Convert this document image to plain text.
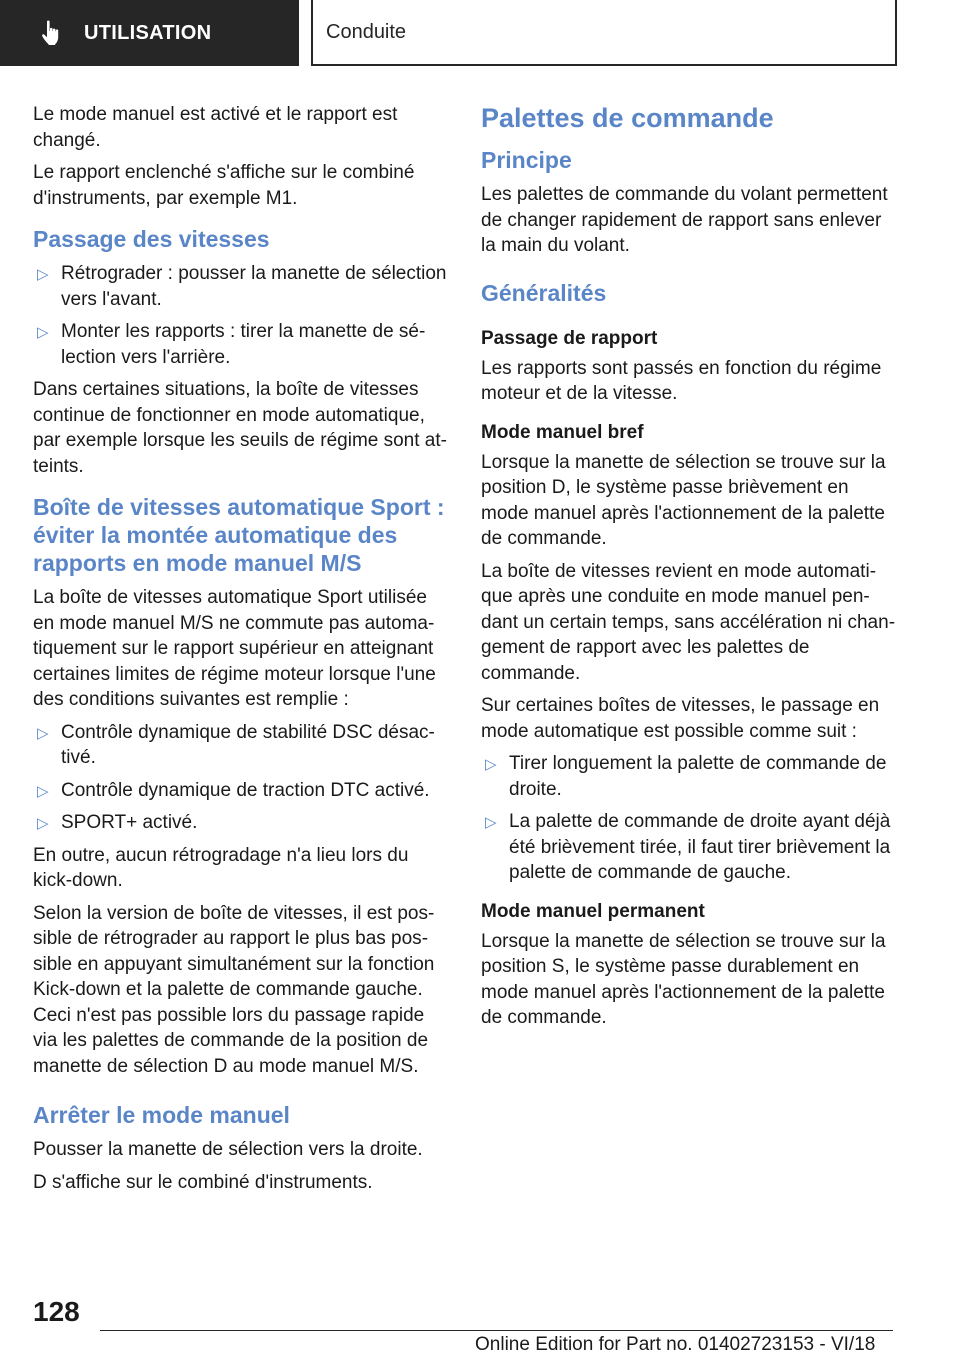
UTILISATION	Conduite

Le mode manuel est activé et le rapport est changé.

Le rapport enclenché s'affiche sur le combiné d'instruments, par exemple M1.

Passage des vitesses
▷ Rétrograder : pousser la manette de sélection vers l'avant.
▷ Monter les rapports : tirer la manette de sélection vers l'arrière.

Dans certaines situations, la boîte de vitesses continue de fonctionner en mode automatique, par exemple lorsque les seuils de régime sont atteints.

Boîte de vitesses automatique Sport : éviter la montée automatique des rapports en mode manuel M/S

La boîte de vitesses automatique Sport utilisée en mode manuel M/S ne commute pas automatiquement sur le rapport supérieur en atteignant certaines limites de régime moteur lorsque l'une des conditions suivantes est remplie :

▷ Contrôle dynamique de stabilité DSC désactivé.
▷ Contrôle dynamique de traction DTC activé.
▷ SPORT+ activé.

En outre, aucun rétrogradage n'a lieu lors du kick-down.

Selon la version de boîte de vitesses, il est possible de rétrograder au rapport le plus bas possible en appuyant simultanément sur la fonction Kick-down et la palette de commande gauche. Ceci n'est pas possible lors du passage rapide via les palettes de commande de la position de manette de sélection D au mode manuel M/S.

Arrêter le mode manuel

Pousser la manette de sélection vers la droite.

D s'affiche sur le combiné d'instruments.

Palettes de commande
Principe

Les palettes de commande du volant permettent de changer rapidement de rapport sans enlever la main du volant.

Généralités
Passage de rapport

Les rapports sont passés en fonction du régime moteur et de la vitesse.

Mode manuel bref

Lorsque la manette de sélection se trouve sur la position D, le système passe brièvement en mode manuel après l'actionnement de la palette de commande.

La boîte de vitesses revient en mode automatique après une conduite en mode manuel pendant un certain temps, sans accélération ni changement de rapport avec les palettes de commande.

Sur certaines boîtes de vitesses, le passage en mode automatique est possible comme suit :

▷ Tirer longuement la palette de commande de droite.
▷ La palette de commande de droite ayant déjà été brièvement tirée, il faut tirer brièvement la palette de commande de gauche.
Mode manuel permanent

Lorsque la manette de sélection se trouve sur la position S, le système passe durablement en mode manuel après l'actionnement de la palette de commande.

128
Online Edition for Part no. 01402723153 - VI/18
